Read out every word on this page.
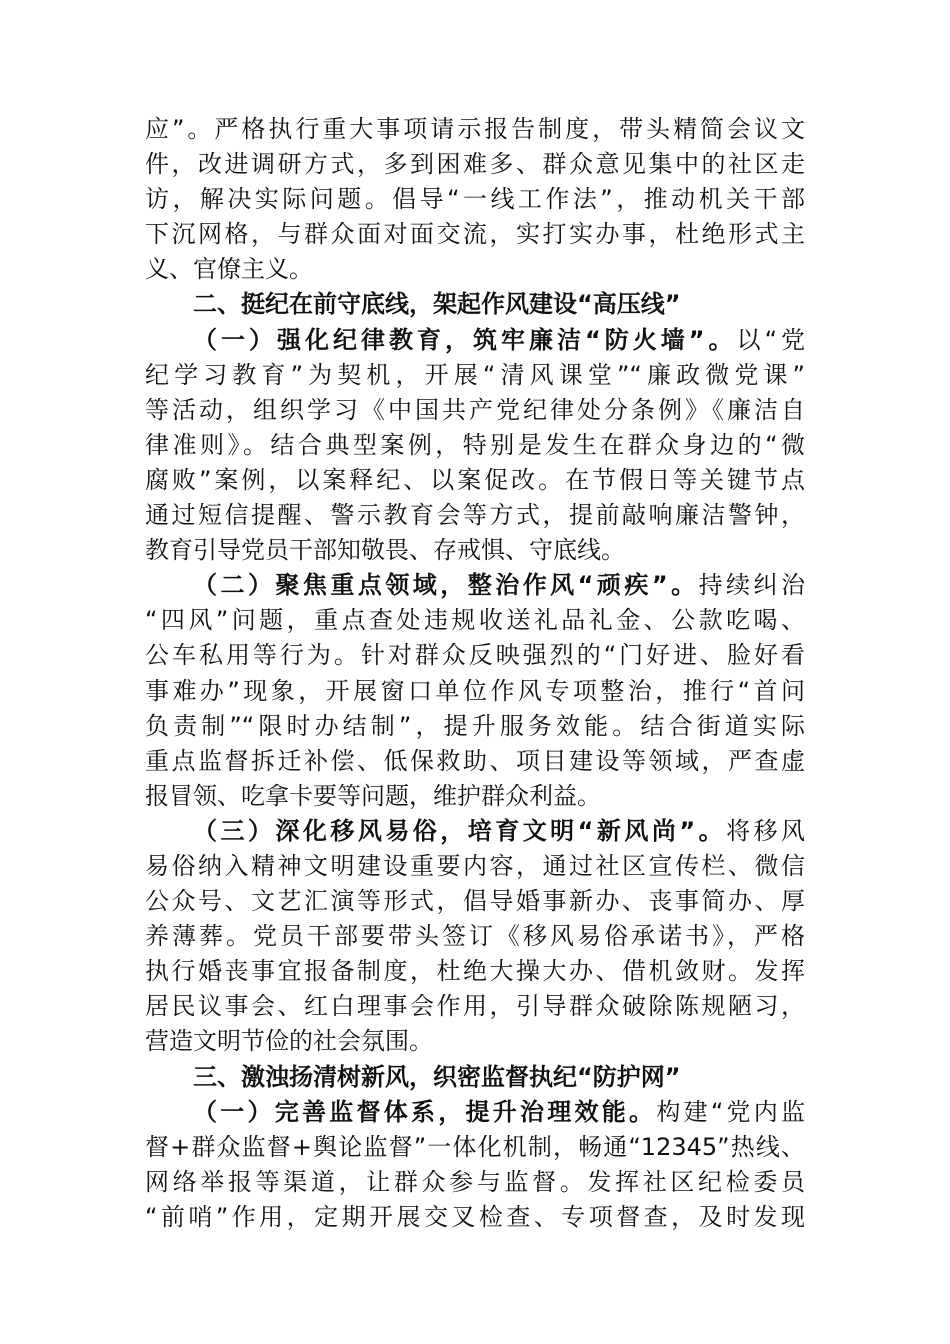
应”。严格执行重大事项请示报告制度，带头精简会议文
件，改进调研方式，多到困难多、群众意见集中的社区走
访，解决实际问题。倡导“一线工作法”，推动机关干部
下沉网格，与群众面对面交流，实打实办事，杜绝形式主
义、官僚主义。
二、挺纪在前守底线，架起作风建设“高压线”
（一）强化纪律教育，筑牢廉洁“防火墙”。以“党
纪学习教育”为契机，开展“清风课堂”“廉政微党课”
等活动，组织学习《中国共产党纪律处分条例》《廉洁自
律准则》。结合典型案例，特别是发生在群众身边的“微
腐败”案例，以案释纪、以案促改。在节假日等关键节点
通过短信提醒、警示教育会等方式，提前敲响廉洁警钟，
教育引导党员干部知敬畏、存戒惧、守底线。
（二）聚焦重点领域，整治作风“顽疾”。持续纠治
“四风”问题，重点查处违规收送礼品礼金、公款吃喝、
公车私用等行为。针对群众反映强烈的“门好进、脸好看
事难办”现象，开展窗口单位作风专项整治，推行“首问
负责制”“限时办结制”，提升服务效能。结合街道实际
重点监督拆迁补偿、低保救助、项目建设等领域，严查虚
报冒领、吃拿卡要等问题，维护群众利益。
（三）深化移风易俗，培育文明“新风尚”。将移风
易俗纳入精神文明建设重要内容，通过社区宣传栏、微信
公众号、文艺汇演等形式，倡导婚事新办、丧事简办、厚
养薄葬。党员干部要带头签订《移风易俗承诺书》，严格
执行婚丧事宜报备制度，杜绝大操大办、借机敛财。发挥
居民议事会、红白理事会作用，引导群众破除陈规陋习，
营造文明节俭的社会氛围。
三、激浊扬清树新风，织密监督执纪“防护网”
（一）完善监督体系，提升治理效能。构建“党内监
督+群众监督+舆论监督”一体化机制，畅通“12345”热线、
网络举报等渠道，让群众参与监督。发挥社区纪检委员
“前哨”作用，定期开展交叉检查、专项督查，及时发现
